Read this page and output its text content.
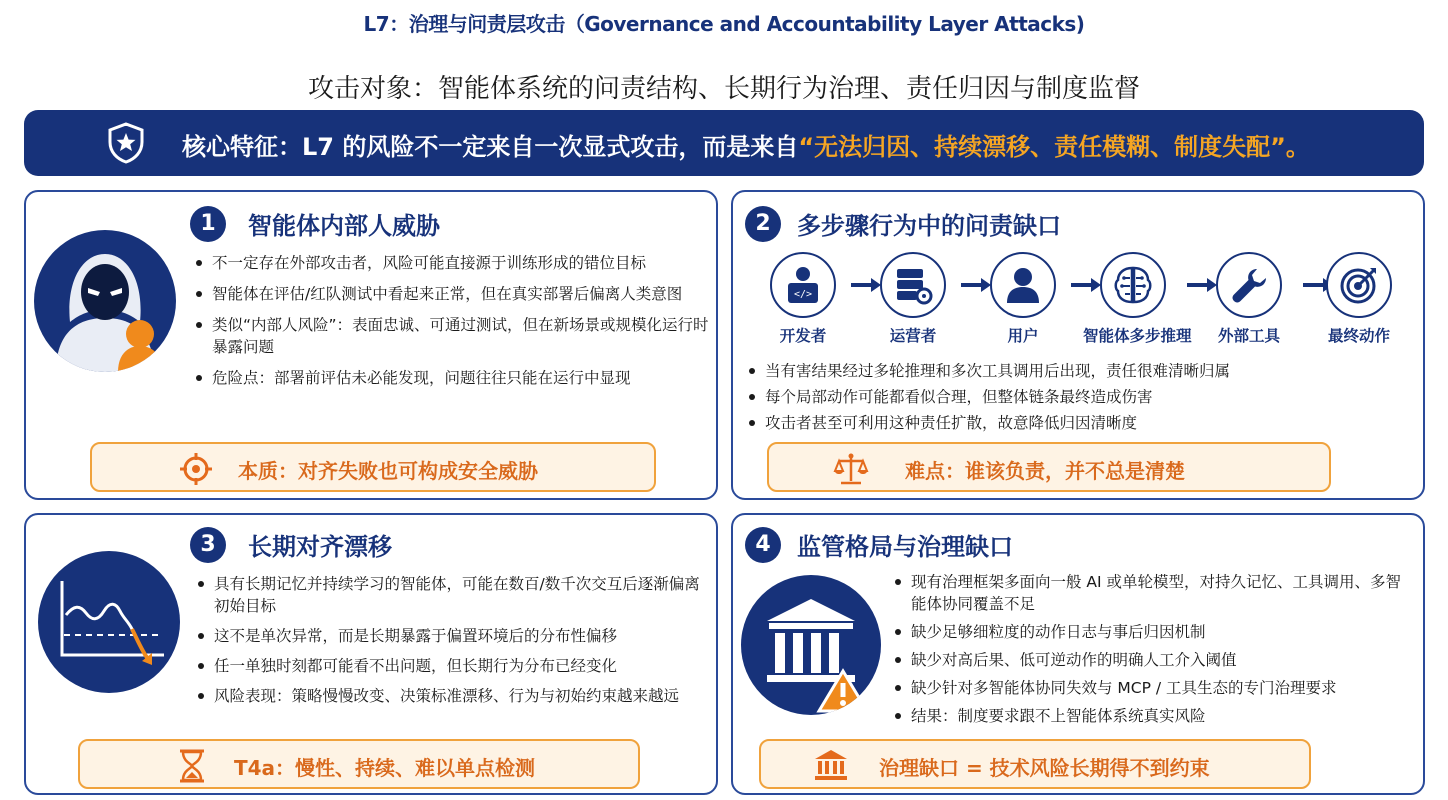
L7：治理与问责层攻击（Governance and Accountability Layer Attacks)
攻击对象：智能体系统的问责结构、长期行为治理、责任归因与制度监督
核心特征：L7 的风险不一定来自一次显式攻击，而是来自“无法归因、持续漂移、责任模糊、制度失配”。
1	智能体内部人威胁
不一定存在外部攻击者，风险可能直接源于训练形成的错位目标
智能体在评估/红队测试中看起来正常，但在真实部署后偏离人类意图
类似“内部人风险”：表面忠诚、可通过测试，但在新场景或规模化运行时暴露问题
危险点：部署前评估未必能发现，问题往往只能在运行中显现
本质：对齐失败也可构成安全威胁
2	多步骤行为中的问责缺口
</>
开发者	运营者	用户	智能体多步推理	外部工具	最终动作
当有害结果经过多轮推理和多次工具调用后出现，责任很难清晰归属
每个局部动作可能都看似合理，但整体链条最终造成伤害
攻击者甚至可利用这种责任扩散，故意降低归因清晰度
难点：谁该负责，并不总是清楚
3	长期对齐漂移
具有长期记忆并持续学习的智能体，可能在数百/数千次交互后逐渐偏离初始目标
这不是单次异常，而是长期暴露于偏置环境后的分布性偏移
任一单独时刻都可能看不出问题，但长期行为分布已经变化
风险表现：策略慢慢改变、决策标准漂移、行为与初始约束越来越远
T4a：慢性、持续、难以单点检测
4	监管格局与治理缺口
现有治理框架多面向一般 AI 或单轮模型，对持久记忆、工具调用、多智能体协同覆盖不足
缺少足够细粒度的动作日志与事后归因机制
缺少对高后果、低可逆动作的明确人工介入阈值
缺少针对多智能体协同失效与 MCP / 工具生态的专门治理要求
结果：制度要求跟不上智能体系统真实风险
治理缺口 = 技术风险长期得不到约束
